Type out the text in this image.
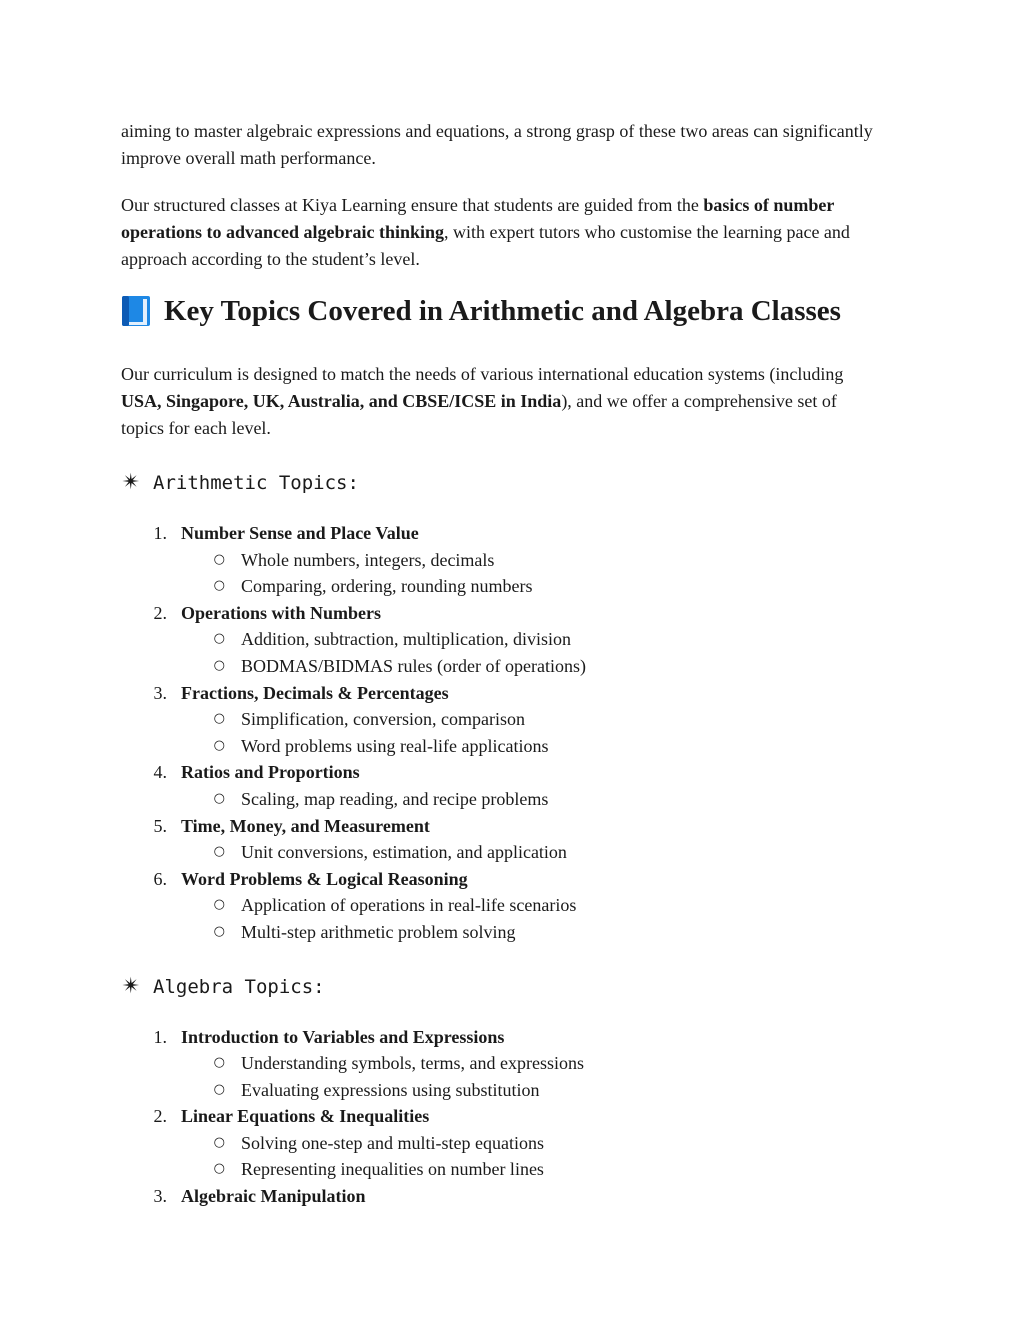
aiming to master algebraic expressions and equations, a strong grasp of these two areas can significantly improve overall math performance.

Our structured classes at Kiya Learning ensure that students are guided from the basics of number operations to advanced algebraic thinking, with expert tutors who customise the learning pace and approach according to the student’s level.

Key Topics Covered in Arithmetic and Algebra Classes

Our curriculum is designed to match the needs of various international education systems (including USA, Singapore, UK, Australia, and CBSE/ICSE in India), and we offer a comprehensive set of topics for each level.

✴ Arithmetic Topics:
1. Number Sense and Place Value
○ Whole numbers, integers, decimals
○ Comparing, ordering, rounding numbers
2. Operations with Numbers
○ Addition, subtraction, multiplication, division
○ BODMAS/BIDMAS rules (order of operations)
3. Fractions, Decimals & Percentages
○ Simplification, conversion, comparison
○ Word problems using real-life applications
4. Ratios and Proportions
○ Scaling, map reading, and recipe problems
5. Time, Money, and Measurement
○ Unit conversions, estimation, and application
6. Word Problems & Logical Reasoning
○ Application of operations in real-life scenarios
○ Multi-step arithmetic problem solving
✴ Algebra Topics:
1. Introduction to Variables and Expressions
○ Understanding symbols, terms, and expressions
○ Evaluating expressions using substitution
2. Linear Equations & Inequalities
○ Solving one-step and multi-step equations
○ Representing inequalities on number lines
3. Algebraic Manipulation
